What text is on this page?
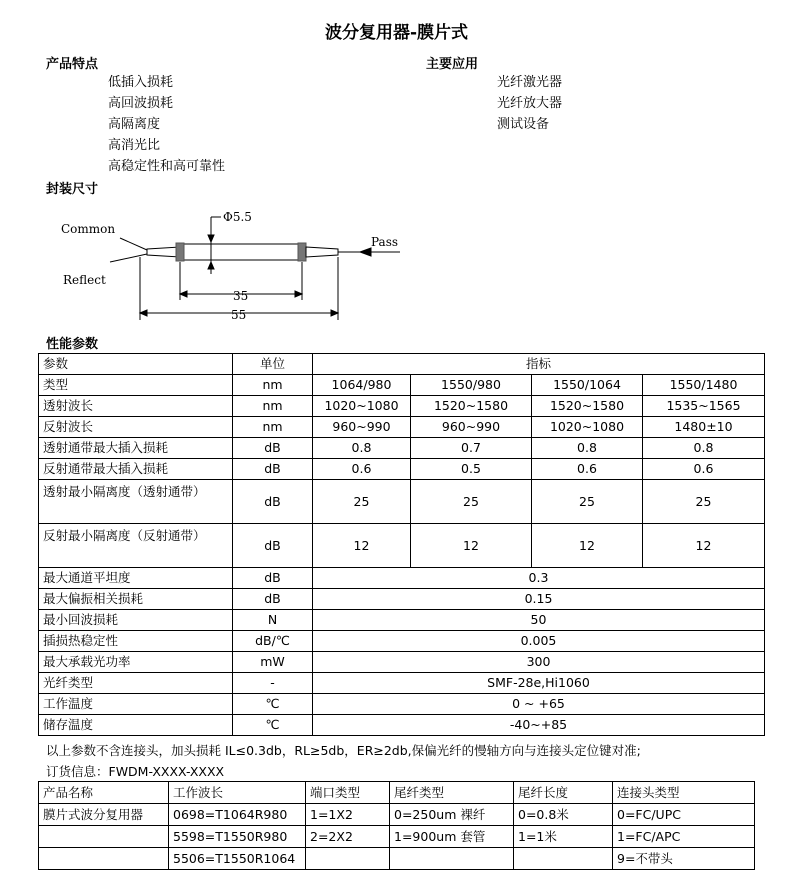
波分复用器-膜片式
产品特点
低插入损耗
高回波损耗
高隔离度
高消光比
高稳定性和高可靠性
主要应用
光纤激光器
光纤放大器
测试设备
封装尺寸
Common
Reflect
Pass
Φ5.5
35
55
性能参数
参数	单位	指标			
类型	nm	1064/980	1550/980	1550/1064	1550/1480
透射波长	nm	1020~1080	1520~1580	1520~1580	1535~1565
反射波长	nm	960~990	960~990	1020~1080	1480±10
透射通带最大插入损耗	dB	0.8	0.7	0.8	0.8
反射通带最大插入损耗	dB	0.6	0.5	0.6	0.6
透射最小隔离度（透射通带）	dB	25	25	25	25
反射最小隔离度（反射通带）	dB	12	12	12	12
最大通道平坦度	dB	0.3			
最大偏振相关损耗	dB	0.15			
最小回波损耗	N	50			
插损热稳定性	dB/℃	0.005			
最大承载光功率	mW	300			
光纤类型	-	SMF-28e,Hi1060			
工作温度	℃	0 ~ +65			
储存温度	℃	-40~+85			
以上参数不含连接头，加头损耗 IL≤0.3db，RL≥5db，ER≥2db,保偏光纤的慢轴方向与连接头定位键对准;
订货信息：FWDM-XXXX-XXXX
产品名称	工作波长	端口类型	尾纤类型	尾纤长度	连接头类型
膜片式波分复用器	0698=T1064R980	1=1X2	0=250um 裸纤	0=0.8米	0=FC/UPC
	5598=T1550R980	2=2X2	1=900um 套管	1=1米	1=FC/APC
	5506=T1550R1064				9=不带头
